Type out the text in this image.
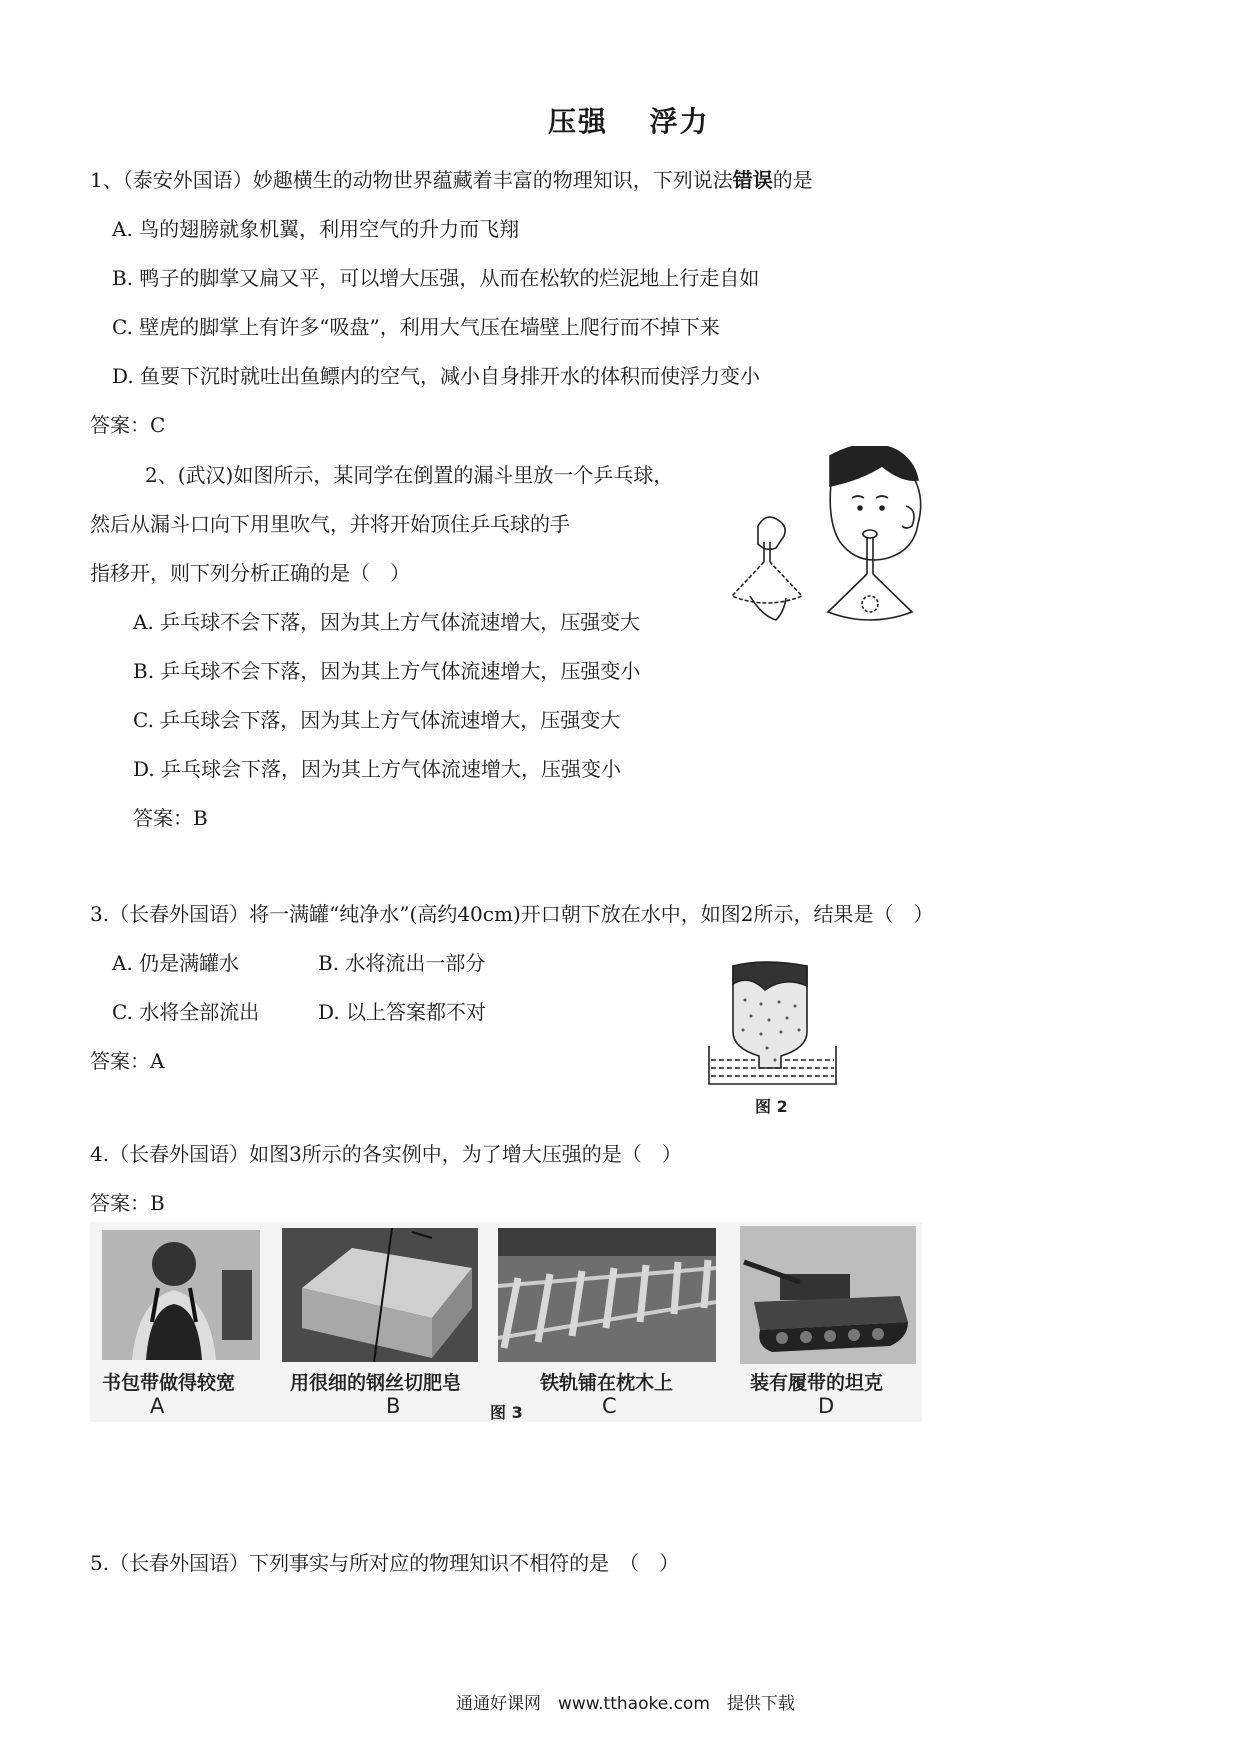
压强 浮力
1、（泰安外国语）妙趣横生的动物世界蕴藏着丰富的物理知识，下列说法错误的是
A. 鸟的翅膀就象机翼，利用空气的升力而飞翔
B. 鸭子的脚掌又扁又平，可以增大压强，从而在松软的烂泥地上行走自如
C. 壁虎的脚掌上有许多“吸盘”，利用大气压在墙壁上爬行而不掉下来
D. 鱼要下沉时就吐出鱼鳔内的空气，减小自身排开水的体积而使浮力变小
答案：C
2、(武汉)如图所示，某同学在倒置的漏斗里放一个乒乓球，
然后从漏斗口向下用里吹气，并将开始顶住乒乓球的手
指移开，则下列分析正确的是（　）
A. 乒乓球不会下落，因为其上方气体流速增大，压强变大
B. 乒乓球不会下落，因为其上方气体流速增大，压强变小
C. 乒乓球会下落，因为其上方气体流速增大，压强变大
D. 乒乓球会下落，因为其上方气体流速增大，压强变小
答案：B
3.（长春外国语）将一满罐“纯净水”(高约40cm)开口朝下放在水中，如图2所示，结果是（　）
A. 仍是满罐水	B. 水将流出一部分
C. 水将全部流出	D. 以上答案都不对
答案：A
图 2
4.（长春外国语）如图3所示的各实例中，为了增大压强的是（　）
答案：B
书包带做得较宽
A
用很细的钢丝切肥皂
B
铁轨铺在枕木上
C
装有履带的坦克
D
图 3
5.（长春外国语）下列事实与所对应的物理知识不相符的是　（　）
通通好课网　www.tthaoke.com　提供下载
